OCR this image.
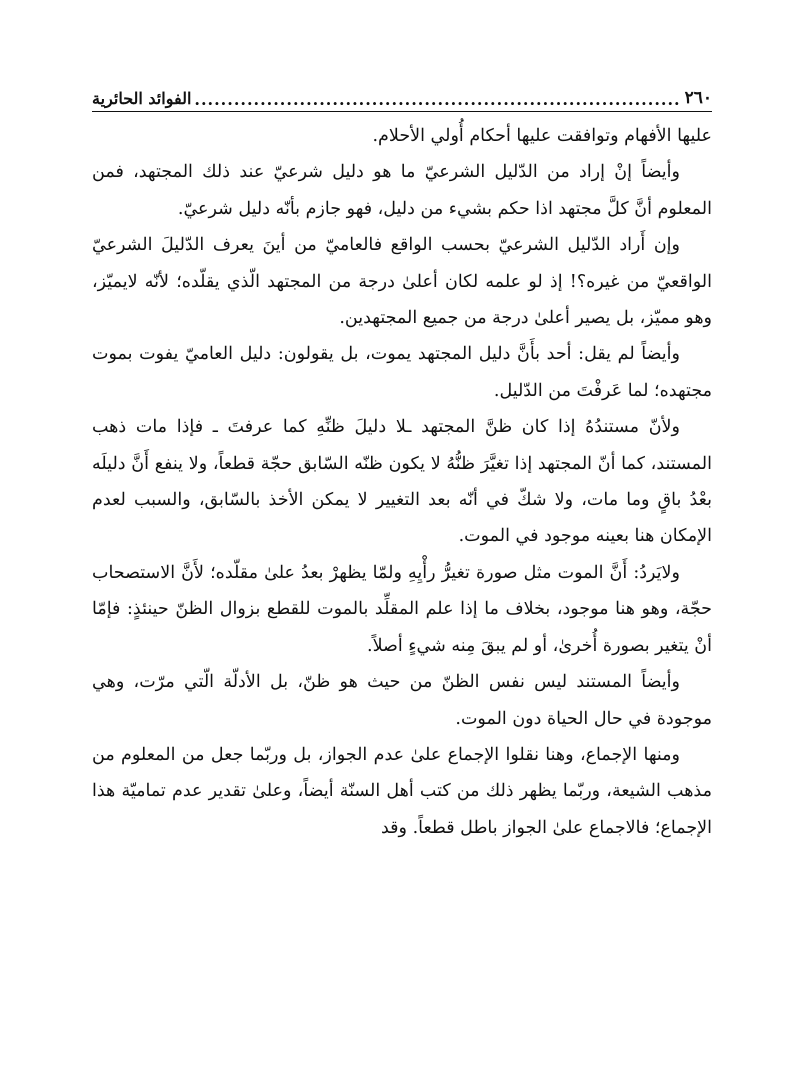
٢٦٠
.....
الفوائد الحائرية

عليها الأفهام وتوافقت عليها أحكام أُولي الأحلام.

وأيضاً إنْ إراد من الدّليل الشرعيّ ما هو دليل شرعيّ عند ذلك المجتهد، فمن المعلوم أنَّ كلَّ مجتهد اذا حكم بشيء من دليل، فهو جازم بأنّه دليل شرعيّ.

وإن أَراد الدّليل الشرعيّ بحسب الواقع فالعاميّ من أينَ يعرف الدّليلَ الشرعيّ الواقعيّ من غيره؟! إذ لو علمه لكان أعلىٰ درجة من المجتهد الّذي يقلّده؛ لأنّه لايميّز، وهو مميّز، بل يصير أعلىٰ درجة من جميع المجتهدين.

وأيضاً لم يقل: أحد بأَنَّ دليل المجتهد يموت، بل يقولون: دليل العاميّ يفوت بموت مجتهده؛ لما عَرفْتَ من الدّليل.

ولأنّ مستندُهُ إذا كان ظنَّ المجتهد ـلا دليلَ ظنِّهِ كما عرفتَ ـ فإذا مات ذهب المستند، كما أنّ المجتهد إذا تغيَّرَ ظنُّهُ لا يكون ظنّه السّابق حجّة قطعاً، ولا ينفع أَنَّ دليلَه بعْدُ باقٍ وما مات، ولا شكّ في أنّه بعد التغيير لا يمكن الأخذ بالسّابق، والسبب لعدم الإمكان هنا بعينه موجود في الموت.

ولايَردُ: أَنَّ الموت مثل صورة تغيرُّ رأْيِهِ ولمّا يظهرْ بعدُ علىٰ مقلّده؛ لأَنَّ الاستصحاب حجّة، وهو هنا موجود، بخلاف ما إذا علم المقلِّد بالموت للقطع بزوال الظنّ حينئذٍ: فإمّا أنْ يتغير بصورة أُخرىٰ، أو لم يبقَ مِنه شيءٍ أصلاً.

وأيضاً المستند ليس نفس الظنّ من حيث هو ظنّ، بل الأدلّة الّتي مرّت، وهي موجودة في حال الحياة دون الموت.

ومنها الإجماع، وهنا نقلوا الإجماع علىٰ عدم الجواز، بل وربّما جعل من المعلوم من مذهب الشيعة، وربّما يظهر ذلك من كتب أهل السنّة أيضاً، وعلىٰ تقدير عدم تماميّة هذا الإجماع؛ فالاجماع علىٰ الجواز باطل قطعاً. وقد
